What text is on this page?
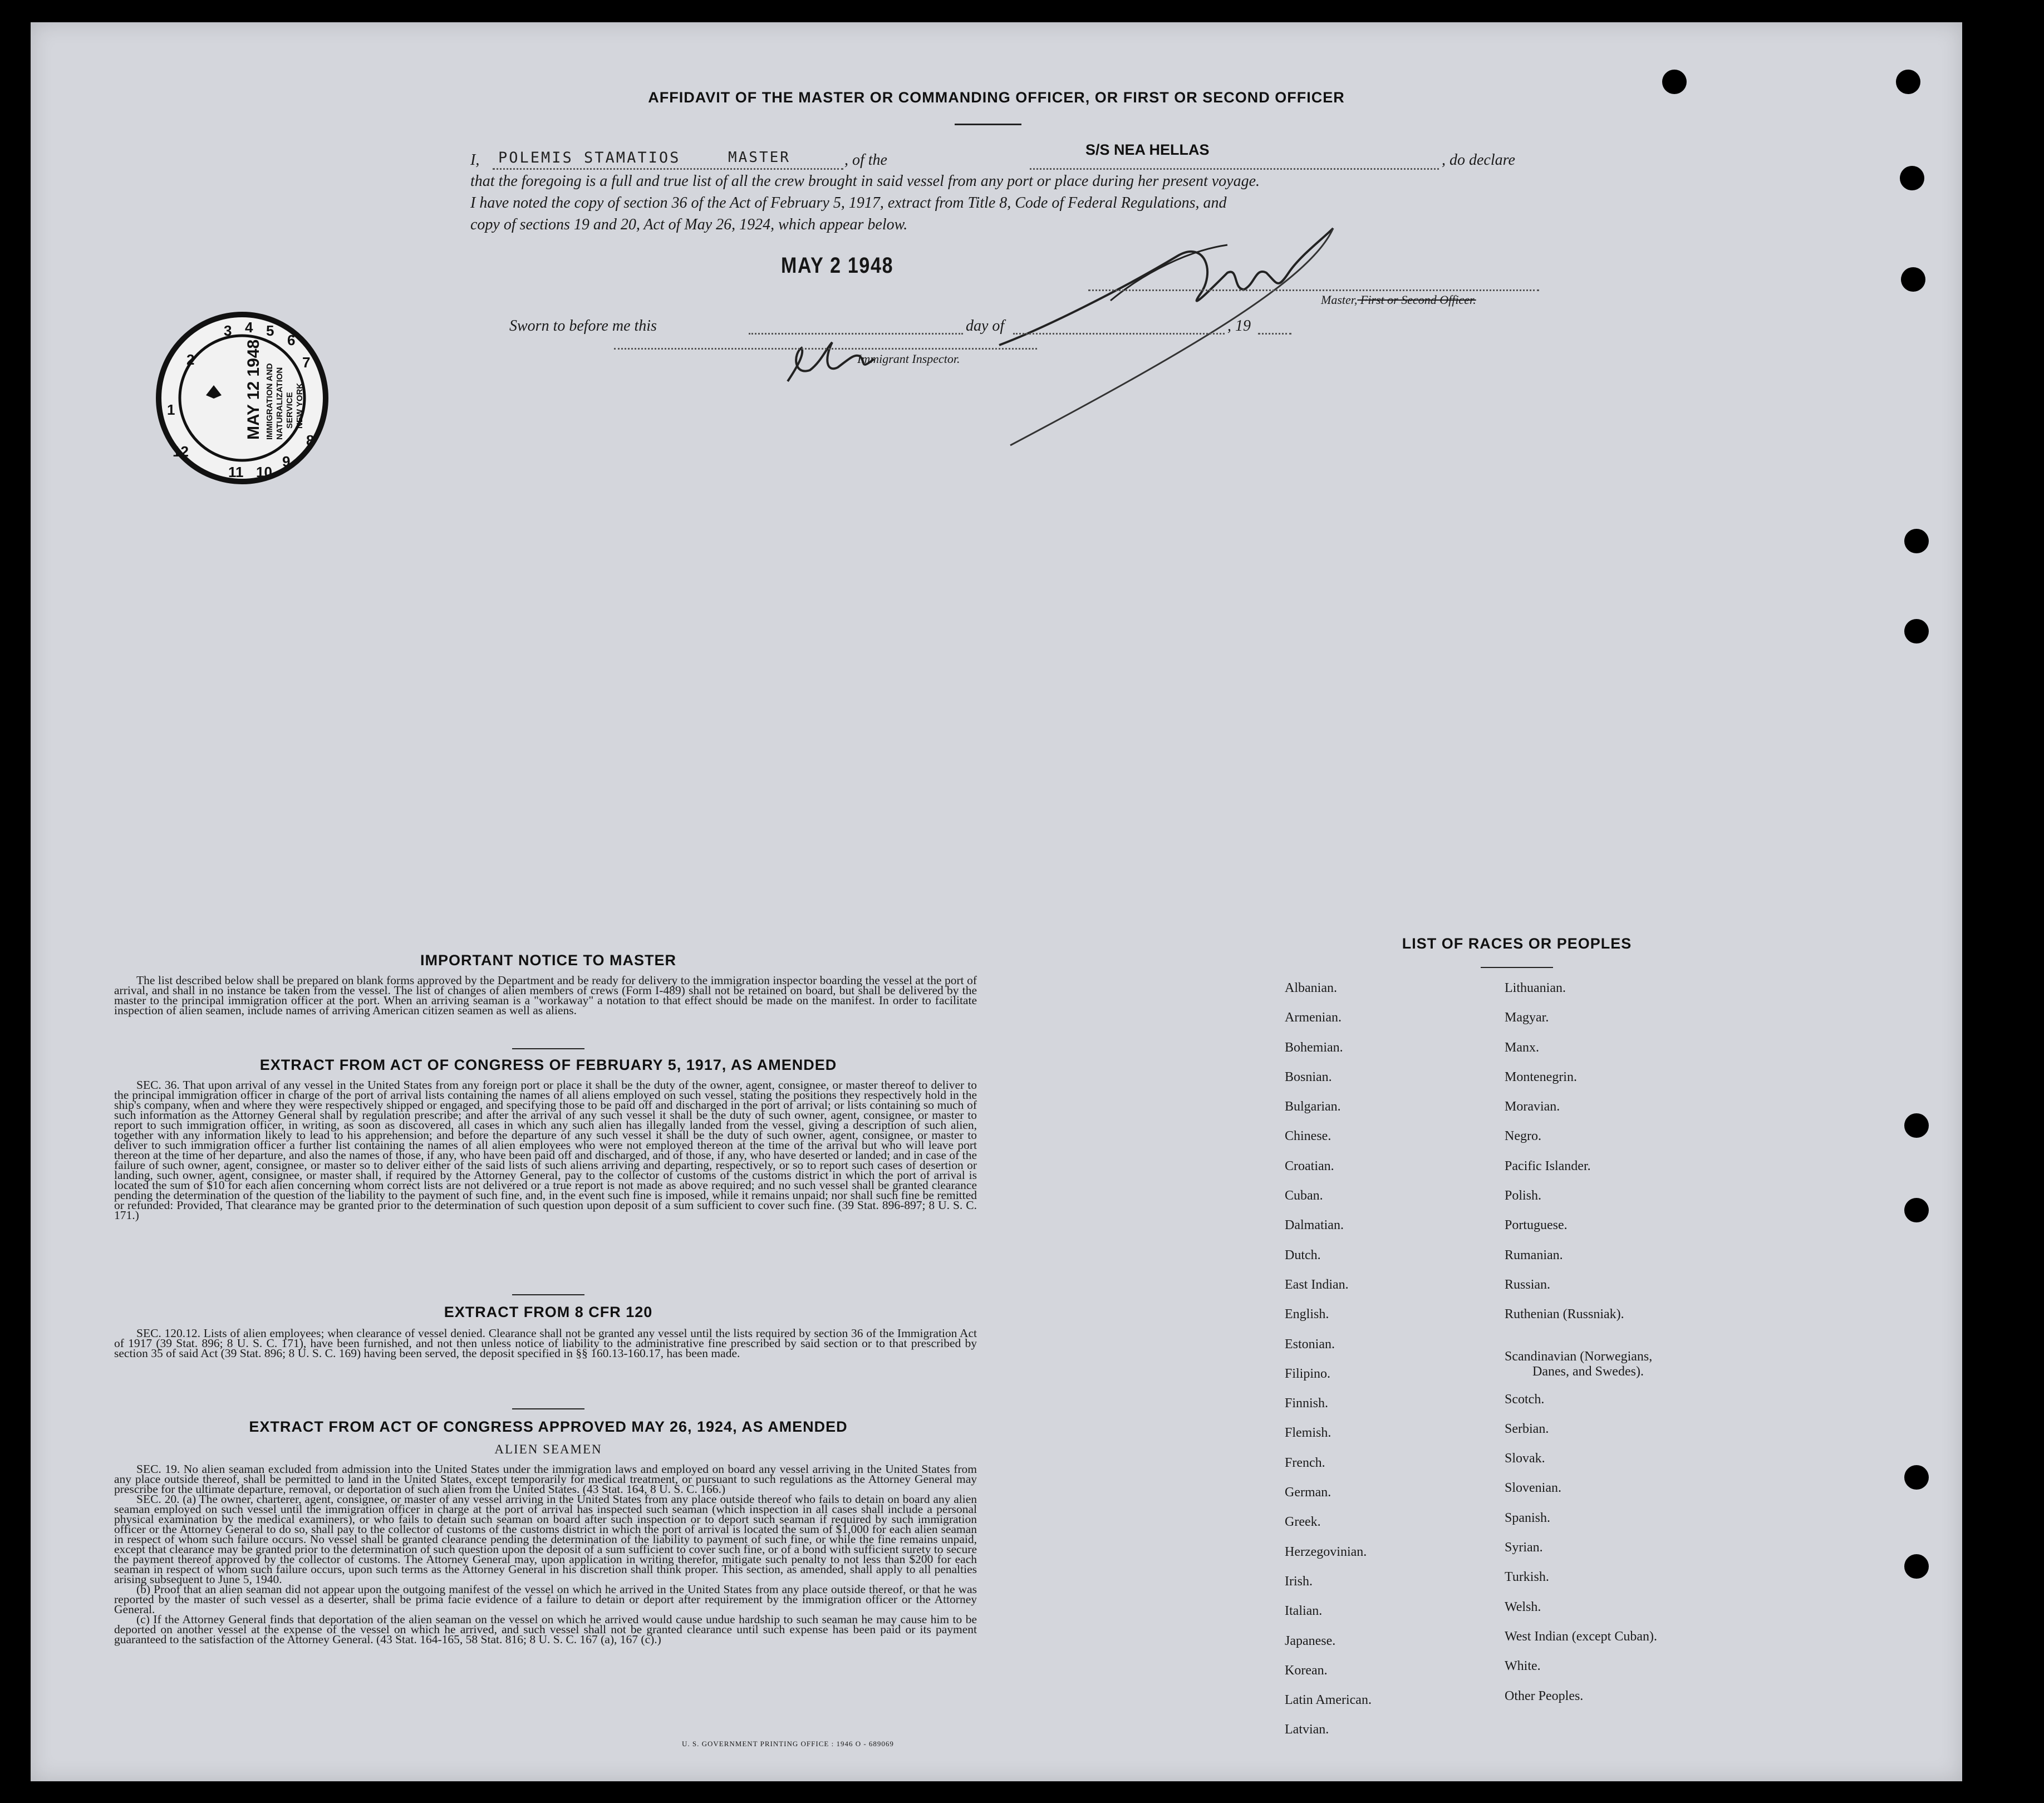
AFFIDAVIT OF THE MASTER OR COMMANDING OFFICER, OR FIRST OR SECOND OFFICER
I, POLEMIS STAMATIOS	MASTER	, of the
S/S NEA HELLAS
, do declare
that the foregoing is a full and true list of all the crew brought in said vessel from any port or place during her present voyage.
I have noted the copy of section 36 of the Act of February 5, 1917, extract from Title 8, Code of Federal Regulations, and
copy of sections 19 and 20, Act of May 26, 1924, which appear below.
MAY 2 1948
Master, First or Second Officer.
Sworn to before me this	day of	, 19
Immigrant Inspector.
3 4 5
6
7
8
9
10
11
12
1
2	MAY 12 1948 IMMIGRATION AND NATURALIZATION SERVICE NEW YORK
IMPORTANT NOTICE TO MASTER

The list described below shall be prepared on blank forms approved by the Department and be ready for delivery to the immigration inspector boarding the vessel at the port of arrival, and shall in no instance be taken from the vessel. The list of changes of alien members of crews (Form I-489) shall not be retained on board, but shall be delivered by the master to the principal immigration officer at the port. When an arriving seaman is a "workaway" a notation to that effect should be made on the manifest. In order to facilitate inspection of alien seamen, include names of arriving American citizen seamen as well as aliens.

EXTRACT FROM ACT OF CONGRESS OF FEBRUARY 5, 1917, AS AMENDED

SEC. 36. That upon arrival of any vessel in the United States from any foreign port or place it shall be the duty of the owner, agent, consignee, or master thereof to deliver to the principal immigration officer in charge of the port of arrival lists containing the names of all aliens employed on such vessel, stating the positions they respectively hold in the ship's company, when and where they were respectively shipped or engaged, and specifying those to be paid off and discharged in the port of arrival; or lists containing so much of such information as the Attorney General shall by regulation prescribe; and after the arrival of any such vessel it shall be the duty of such owner, agent, consignee, or master to report to such immigration officer, in writing, as soon as discovered, all cases in which any such alien has illegally landed from the vessel, giving a description of such alien, together with any information likely to lead to his apprehension; and before the departure of any such vessel it shall be the duty of such owner, agent, consignee, or master to deliver to such immigration officer a further list containing the names of all alien employees who were not employed thereon at the time of the arrival but who will leave port thereon at the time of her departure, and also the names of those, if any, who have been paid off and discharged, and of those, if any, who have deserted or landed; and in case of the failure of such owner, agent, consignee, or master so to deliver either of the said lists of such aliens arriving and departing, respectively, or so to report such cases of desertion or landing, such owner, agent, consignee, or master shall, if required by the Attorney General, pay to the collector of customs of the customs district in which the port of arrival is located the sum of $10 for each alien concerning whom correct lists are not delivered or a true report is not made as above required; and no such vessel shall be granted clearance pending the determination of the question of the liability to the payment of such fine, and, in the event such fine is imposed, while it remains unpaid; nor shall such fine be remitted or refunded: Provided, That clearance may be granted prior to the determination of such question upon deposit of a sum sufficient to cover such fine. (39 Stat. 896-897; 8 U. S. C. 171.)

EXTRACT FROM 8 CFR 120

SEC. 120.12. Lists of alien employees; when clearance of vessel denied. Clearance shall not be granted any vessel until the lists required by section 36 of the Immigration Act of 1917 (39 Stat. 896; 8 U. S. C. 171), have been furnished, and not then unless notice of liability to the administrative fine prescribed by said section or to that prescribed by section 35 of said Act (39 Stat. 896; 8 U. S. C. 169) having been served, the deposit specified in §§ 160.13-160.17, has been made.

EXTRACT FROM ACT OF CONGRESS APPROVED MAY 26, 1924, AS AMENDED
ALIEN SEAMEN

SEC. 19. No alien seaman excluded from admission into the United States under the immigration laws and employed on board any vessel arriving in the United States from any place outside thereof, shall be permitted to land in the United States, except temporarily for medical treatment, or pursuant to such regulations as the Attorney General may prescribe for the ultimate departure, removal, or deportation of such alien from the United States. (43 Stat. 164, 8 U. S. C. 166.)

SEC. 20. (a) The owner, charterer, agent, consignee, or master of any vessel arriving in the United States from any place outside thereof who fails to detain on board any alien seaman employed on such vessel until the immigration officer in charge at the port of arrival has inspected such seaman (which inspection in all cases shall include a personal physical examination by the medical examiners), or who fails to detain such seaman on board after such inspection or to deport such seaman if required by such immigration officer or the Attorney General to do so, shall pay to the collector of customs of the customs district in which the port of arrival is located the sum of $1,000 for each alien seaman in respect of whom such failure occurs. No vessel shall be granted clearance pending the determination of the liability to payment of such fine, or while the fine remains unpaid, except that clearance may be granted prior to the determination of such question upon the deposit of a sum sufficient to cover such fine, or of a bond with sufficient surety to secure the payment thereof approved by the collector of customs. The Attorney General may, upon application in writing therefor, mitigate such penalty to not less than $200 for each seaman in respect of whom such failure occurs, upon such terms as the Attorney General in his discretion shall think proper. This section, as amended, shall apply to all penalties arising subsequent to June 5, 1940.

(b) Proof that an alien seaman did not appear upon the outgoing manifest of the vessel on which he arrived in the United States from any place outside thereof, or that he was reported by the master of such vessel as a deserter, shall be prima facie evidence of a failure to detain or deport after requirement by the immigration officer or the Attorney General.

(c) If the Attorney General finds that deportation of the alien seaman on the vessel on which he arrived would cause undue hardship to such seaman he may cause him to be deported on another vessel at the expense of the vessel on which he arrived, and such vessel shall not be granted clearance until such expense has been paid or its payment guaranteed to the satisfaction of the Attorney General. (43 Stat. 164-165, 58 Stat. 816; 8 U. S. C. 167 (a), 167 (c).)

U. S. GOVERNMENT PRINTING OFFICE : 1946 O - 689069
LIST OF RACES OR PEOPLES
Albanian.
Armenian.
Bohemian.
Bosnian.
Bulgarian.
Chinese.
Croatian.
Cuban.
Dalmatian.
Dutch.
East Indian.
English.
Estonian.
Filipino.
Finnish.
Flemish.
French.
German.
Greek.
Herzegovinian.
Irish.
Italian.
Japanese.
Korean.
Latin American.
Latvian.
Lithuanian.
Magyar.
Manx.
Montenegrin.
Moravian.
Negro.
Pacific Islander.
Polish.
Portuguese.
Rumanian.
Russian.
Ruthenian (Russniak).
Scandinavian (Norwegians,
Danes, and Swedes).
Scotch.
Serbian.
Slovak.
Slovenian.
Spanish.
Syrian.
Turkish.
Welsh.
West Indian (except Cuban).
White.
Other Peoples.
